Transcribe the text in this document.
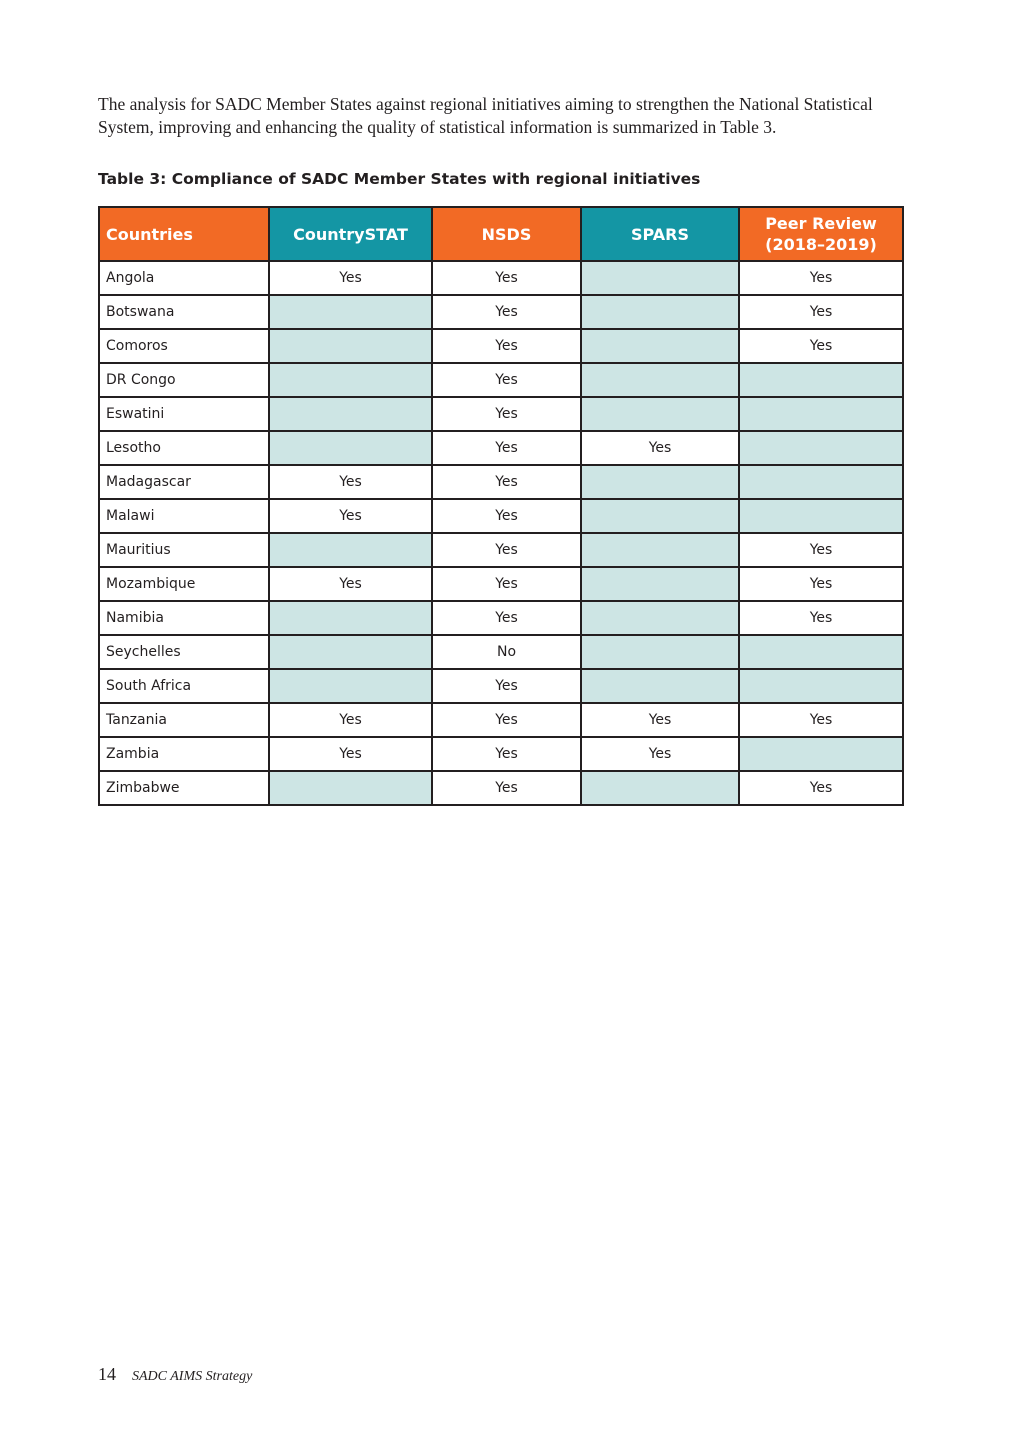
The analysis for SADC Member States against regional initiatives aiming to strengthen the National Statistical System, improving and enhancing the quality of statistical information is summarized in Table 3.

Table 3: Compliance of SADC Member States with regional initiatives

Countries	CountrySTAT	NSDS	SPARS	Peer Review
(2018–2019)
Angola	Yes	Yes		Yes
Botswana		Yes		Yes
Comoros		Yes		Yes
DR Congo		Yes		
Eswatini		Yes		
Lesotho		Yes	Yes	
Madagascar	Yes	Yes		
Malawi	Yes	Yes		
Mauritius		Yes		Yes
Mozambique	Yes	Yes		Yes
Namibia		Yes		Yes
Seychelles		No		
South Africa		Yes		
Tanzania	Yes	Yes	Yes	Yes
Zambia	Yes	Yes	Yes	
Zimbabwe		Yes		Yes
14 SADC AIMS Strategy
